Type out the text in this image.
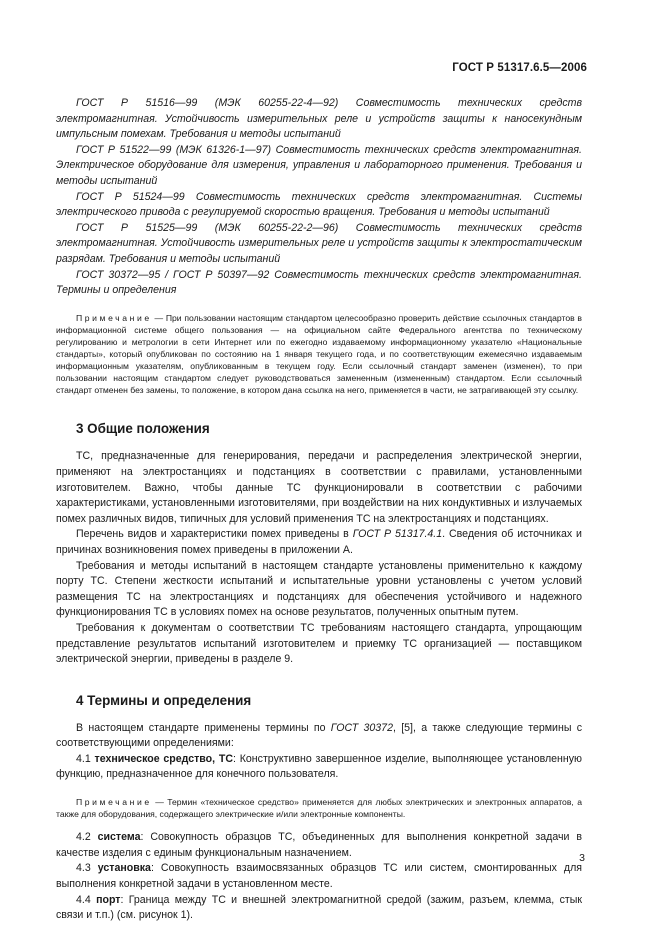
ГОСТ Р 51317.6.5—2006

ГОСТ Р 51516—99 (МЭК 60255-22-4—92) Совместимость технических средств электромагнитная. Устойчивость измерительных реле и устройств защиты к наносекундным импульсным помехам. Требования и методы испытаний

ГОСТ Р 51522—99 (МЭК 61326-1—97) Совместимость технических средств электромагнитная. Электрическое оборудование для измерения, управления и лабораторного применения. Требования и методы испытаний

ГОСТ Р 51524—99 Совместимость технических средств электромагнитная. Системы электрического привода с регулируемой скоростью вращения. Требования и методы испытаний

ГОСТ Р 51525—99 (МЭК 60255-22-2—96) Совместимость технических средств электромагнитная. Устойчивость измерительных реле и устройств защиты к электростатическим разрядам. Требования и методы испытаний

ГОСТ 30372—95 / ГОСТ Р 50397—92 Совместимость технических средств электромагнитная. Термины и определения

Примечание — При пользовании настоящим стандартом целесообразно проверить действие ссылочных стандартов в информационной системе общего пользования — на официальном сайте Федерального агентства по техническому регулированию и метрологии в сети Интернет или по ежегодно издаваемому информационному указателю «Национальные стандарты», который опубликован по состоянию на 1 января текущего года, и по соответствующим ежемесячно издаваемым информационным указателям, опубликованным в текущем году. Если ссылочный стандарт заменен (изменен), то при пользовании настоящим стандартом следует руководствоваться замененным (измененным) стандартом. Если ссылочный стандарт отменен без замены, то положение, в котором дана ссылка на него, применяется в части, не затрагивающей эту ссылку.

3 Общие положения

ТС, предназначенные для генерирования, передачи и распределения электрической энергии, применяют на электростанциях и подстанциях в соответствии с правилами, установленными изготовителем. Важно, чтобы данные ТС функционировали в соответствии с рабочими характеристиками, установленными изготовителями, при воздействии на них кондуктивных и излучаемых помех различных видов, типичных для условий применения ТС на электростанциях и подстанциях.

Перечень видов и характеристики помех приведены в ГОСТ Р 51317.4.1. Сведения об источниках и причинах возникновения помех приведены в приложении А.

Требования и методы испытаний в настоящем стандарте установлены применительно к каждому порту ТС. Степени жесткости испытаний и испытательные уровни установлены с учетом условий размещения ТС на электростанциях и подстанциях для обеспечения устойчивого и надежного функционирования ТС в условиях помех на основе результатов, полученных опытным путем.

Требования к документам о соответствии ТС требованиям настоящего стандарта, упрощающим представление результатов испытаний изготовителем и приемку ТС организацией — поставщиком электрической энергии, приведены в разделе 9.

4 Термины и определения

В настоящем стандарте применены термины по ГОСТ 30372, [5], а также следующие термины с соответствующими определениями:

4.1 техническое средство, ТС: Конструктивно завершенное изделие, выполняющее установленную функцию, предназначенное для конечного пользователя.

Примечание — Термин «техническое средство» применяется для любых электрических и электронных аппаратов, а также для оборудования, содержащего электрические и/или электронные компоненты.

4.2 система: Совокупность образцов ТС, объединенных для выполнения конкретной задачи в качестве изделия с единым функциональным назначением.

4.3 установка: Совокупность взаимосвязанных образцов ТС или систем, смонтированных для выполнения конкретной задачи в установленном месте.

4.4 порт: Граница между ТС и внешней электромагнитной средой (зажим, разъем, клемма, стык связи и т.п.) (см. рисунок 1).

3
